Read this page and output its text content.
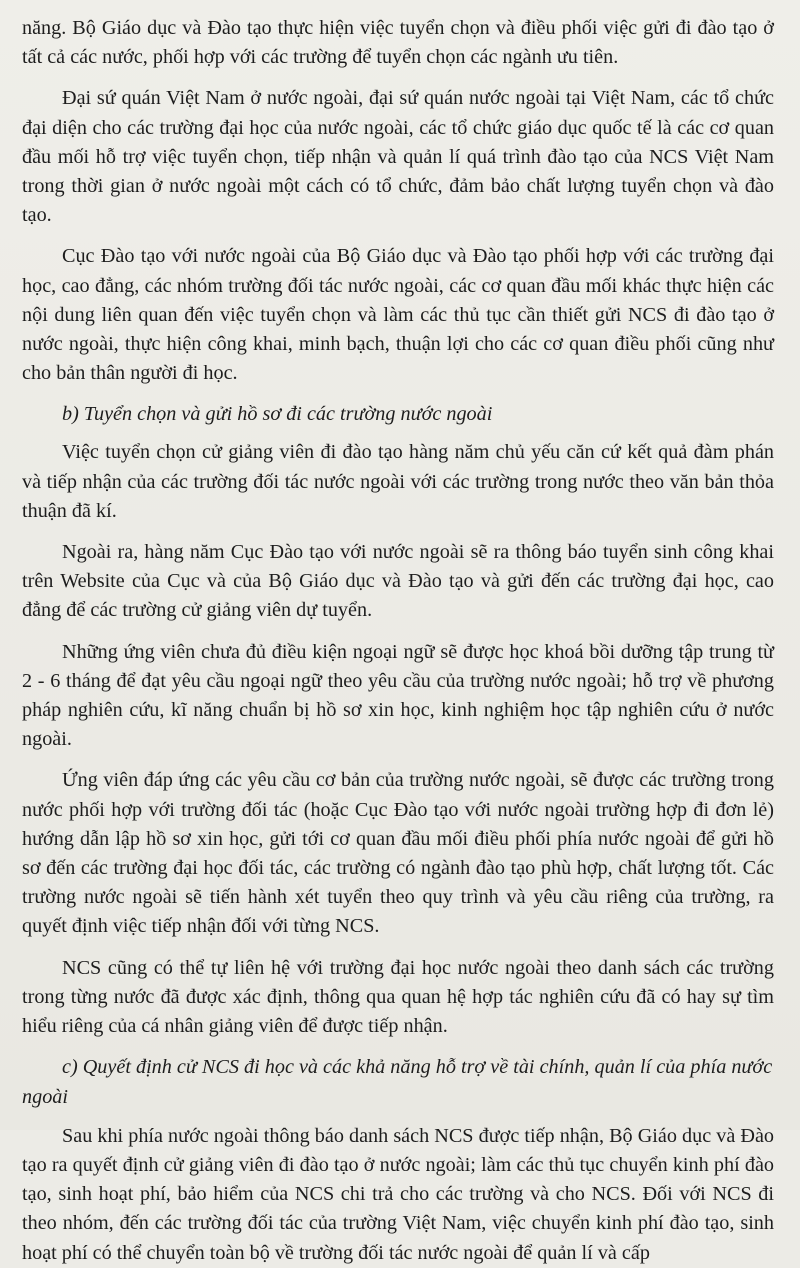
năng. Bộ Giáo dục và Đào tạo thực hiện việc tuyển chọn và điều phối việc gửi đi đào tạo ở tất cả các nước, phối hợp với các trường để tuyển chọn các ngành ưu tiên.

Đại sứ quán Việt Nam ở nước ngoài, đại sứ quán nước ngoài tại Việt Nam, các tổ chức đại diện cho các trường đại học của nước ngoài, các tổ chức giáo dục quốc tế là các cơ quan đầu mối hỗ trợ việc tuyển chọn, tiếp nhận và quản lí quá trình đào tạo của NCS Việt Nam trong thời gian ở nước ngoài một cách có tổ chức, đảm bảo chất lượng tuyển chọn và đào tạo.

Cục Đào tạo với nước ngoài của Bộ Giáo dục và Đào tạo phối hợp với các trường đại học, cao đẳng, các nhóm trường đối tác nước ngoài, các cơ quan đầu mối khác thực hiện các nội dung liên quan đến việc tuyển chọn và làm các thủ tục cần thiết gửi NCS đi đào tạo ở nước ngoài, thực hiện công khai, minh bạch, thuận lợi cho các cơ quan điều phối cũng như cho bản thân người đi học.

b) Tuyển chọn và gửi hồ sơ đi các trường nước ngoài

Việc tuyển chọn cử giảng viên đi đào tạo hàng năm chủ yếu căn cứ kết quả đàm phán và tiếp nhận của các trường đối tác nước ngoài với các trường trong nước theo văn bản thỏa thuận đã kí.

Ngoài ra, hàng năm Cục Đào tạo với nước ngoài sẽ ra thông báo tuyển sinh công khai trên Website của Cục và của Bộ Giáo dục và Đào tạo và gửi đến các trường đại học, cao đẳng để các trường cử giảng viên dự tuyển.

Những ứng viên chưa đủ điều kiện ngoại ngữ sẽ được học khoá bồi dưỡng tập trung từ 2 - 6 tháng để đạt yêu cầu ngoại ngữ theo yêu cầu của trường nước ngoài; hỗ trợ về phương pháp nghiên cứu, kĩ năng chuẩn bị hồ sơ xin học, kinh nghiệm học tập nghiên cứu ở nước ngoài.

Ứng viên đáp ứng các yêu cầu cơ bản của trường nước ngoài, sẽ được các trường trong nước phối hợp với trường đối tác (hoặc Cục Đào tạo với nước ngoài trường hợp đi đơn lẻ) hướng dẫn lập hồ sơ xin học, gửi tới cơ quan đầu mối điều phối phía nước ngoài để gửi hồ sơ đến các trường đại học đối tác, các trường có ngành đào tạo phù hợp, chất lượng tốt. Các trường nước ngoài sẽ tiến hành xét tuyển theo quy trình và yêu cầu riêng của trường, ra quyết định việc tiếp nhận đối với từng NCS.

NCS cũng có thể tự liên hệ với trường đại học nước ngoài theo danh sách các trường trong từng nước đã được xác định, thông qua quan hệ hợp tác nghiên cứu đã có hay sự tìm hiểu riêng của cá nhân giảng viên để được tiếp nhận.

c) Quyết định cử NCS đi học và các khả năng hỗ trợ về tài chính, quản lí của phía nước ngoài

Sau khi phía nước ngoài thông báo danh sách NCS được tiếp nhận, Bộ Giáo dục và Đào tạo ra quyết định cử giảng viên đi đào tạo ở nước ngoài; làm các thủ tục chuyển kinh phí đào tạo, sinh hoạt phí, bảo hiểm của NCS chi trả cho các trường và cho NCS. Đối với NCS đi theo nhóm, đến các trường đối tác của trường Việt Nam, việc chuyển kinh phí đào tạo, sinh hoạt phí có thể chuyển toàn bộ về trường đối tác nước ngoài để quản lí và cấp
